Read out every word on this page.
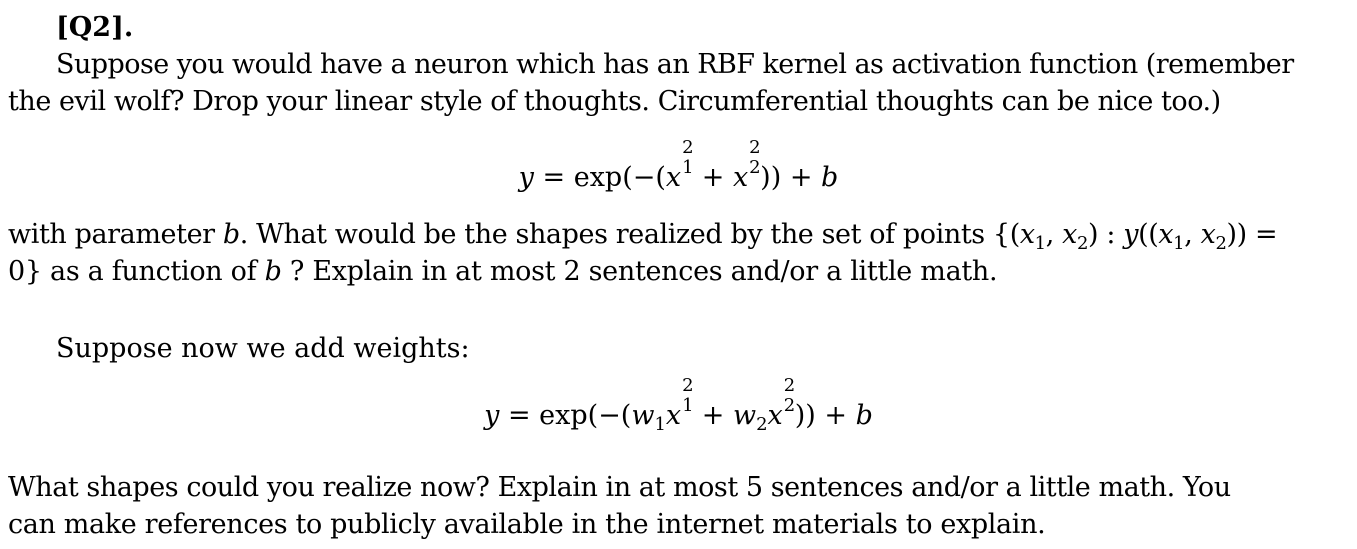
[Q2].
Suppose you would have a neuron which has an RBF kernel as activation function (remember
the evil wolf? Drop your linear style of thoughts. Circumferential thoughts can be nice too.)
y = exp(−(x
2
1 + x
2
2 )) + b
with parameter b. What would be the shapes realized by the set of points {($x_1$, $x_2$) : $y((x_1$, $x_2$)) =
0} as a function of b ? Explain in at most 2 sentences and/or a little math.
Suppose now we add weights:
$y = \exp(-(w_1x$
2
$1 + w_2x$
2
2 )) + b
What shapes could you realize now? Explain in at most 5 sentences and/or a little math. You
can make references to publicly available in the internet materials to explain.
